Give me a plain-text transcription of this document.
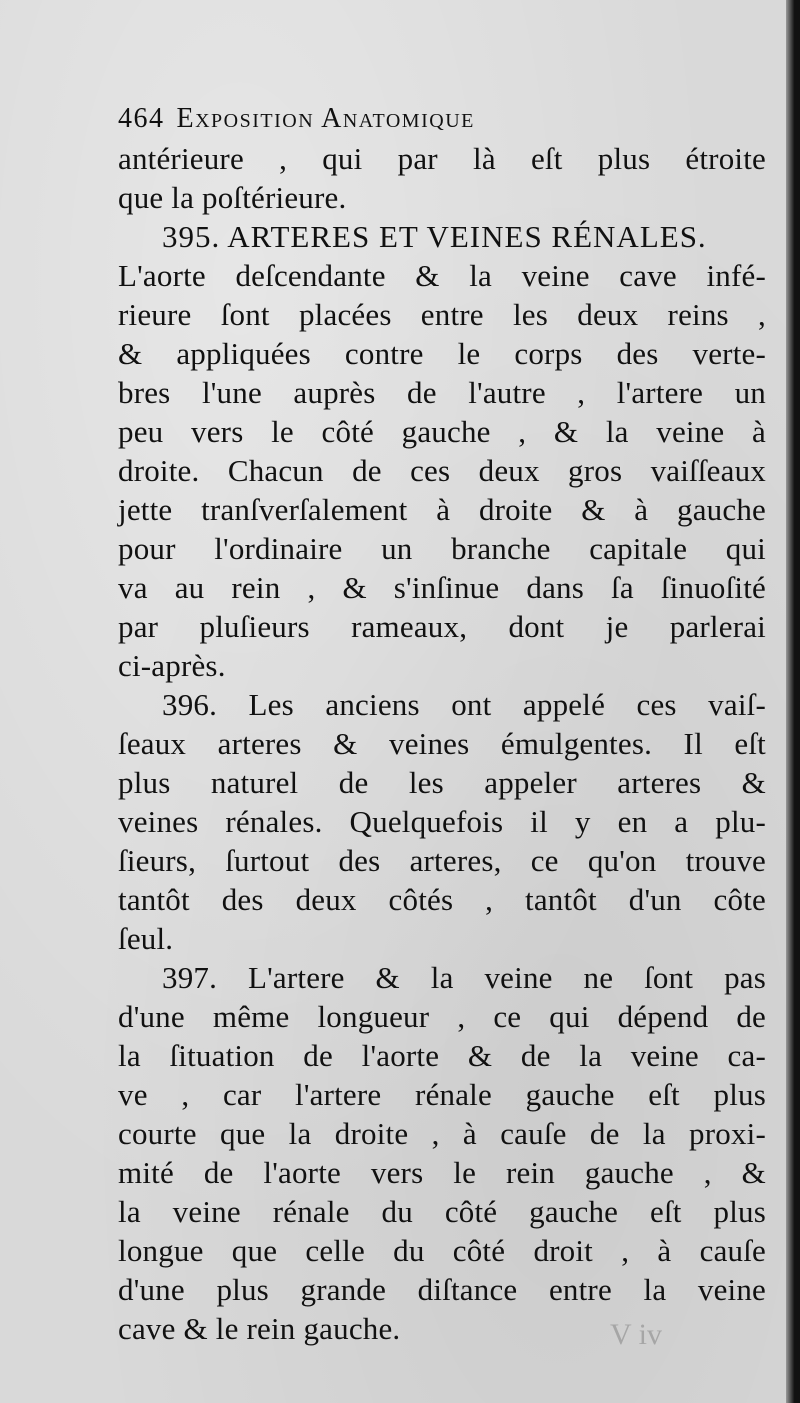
V iv
464 Exposition Anatomique
antérieure , qui par là eſt plus étroite
que la poſtérieure.
395. ARTERES ET VEINES RÉNALES.
L'aorte deſcendante & la veine cave infé-
rieure ſont placées entre les deux reins ,
& appliquées contre le corps des verte-
bres l'une auprès de l'autre , l'artere un
peu vers le côté gauche , & la veine à
droite. Chacun de ces deux gros vaiſſeaux
jette tranſverſalement à droite & à gauche
pour l'ordinaire un branche capitale qui
va au rein , & s'inſinue dans ſa ſinuoſité
par pluſieurs rameaux, dont je parlerai
ci-après.
396. Les anciens ont appelé ces vaiſ-
ſeaux arteres & veines émulgentes. Il eſt
plus naturel de les appeler arteres &
veines rénales. Quelquefois il y en a plu-
ſieurs, ſurtout des arteres, ce qu'on trouve
tantôt des deux côtés , tantôt d'un côte
ſeul.
397. L'artere & la veine ne ſont pas
d'une même longueur , ce qui dépend de
la ſituation de l'aorte & de la veine ca-
ve , car l'artere rénale gauche eſt plus
courte que la droite , à cauſe de la proxi-
mité de l'aorte vers le rein gauche , &
la veine rénale du côté gauche eſt plus
longue que celle du côté droit , à cauſe
d'une plus grande diſtance entre la veine
cave & le rein gauche.
